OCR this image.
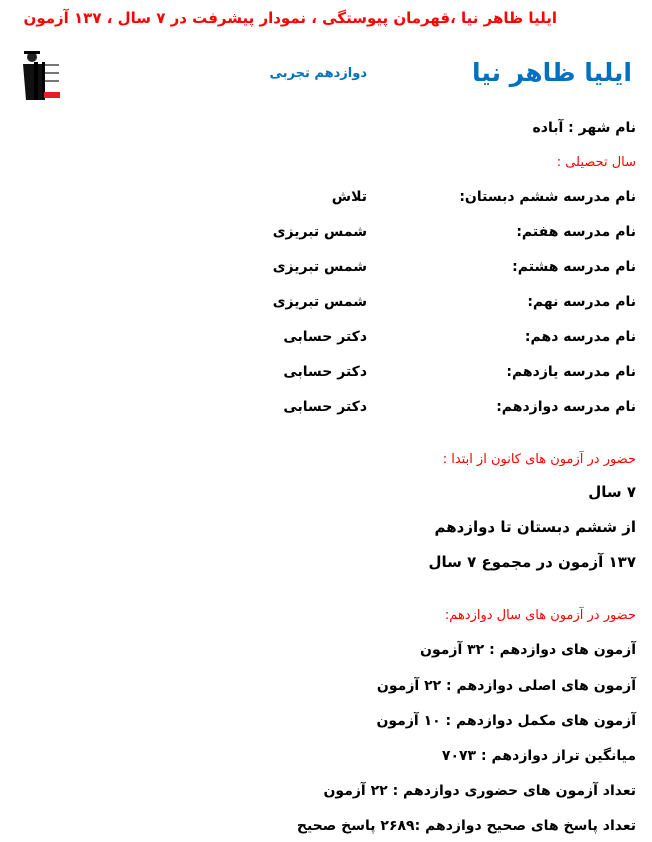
ایلیا ظاهر نیا ،قهرمان پیوستگی ، نمودار پیشرفت در ۷ سال ، ۱۳۷ آزمون
ایلیا ظاهر نیا
دوازدهم تجربی
نام شهر : آباده
سال تحصیلی :
نام مدرسه ششم دبستان:
تلاش
نام مدرسه هفتم:
شمس تبریزی
نام مدرسه هشتم:
شمس تبریزی
نام مدرسه نهم:
شمس تبریزی
نام مدرسه دهم:
دکتر حسابی
نام مدرسه یازدهم:
دکتر حسابی
نام مدرسه دوازدهم:
دکتر حسابی
حضور در آزمون های کانون از ابتدا :
۷ سال
از ششم دبستان تا دوازدهم
۱۳۷ آزمون در مجموع ۷ سال
حضور در آزمون های سال دوازدهم:
آزمون های دوازدهم : ۳۲ آزمون
آزمون های اصلی دوازدهم : ۲۲ آزمون
آزمون های مکمل دوازدهم : ۱۰ آزمون
میانگین تراز دوازدهم : ۷۰۷۳
تعداد آزمون های حضوری دوازدهم : ۲۲ آزمون
تعداد پاسخ های صحیح دوازدهم :۲۶۸۹ پاسخ صحیح
